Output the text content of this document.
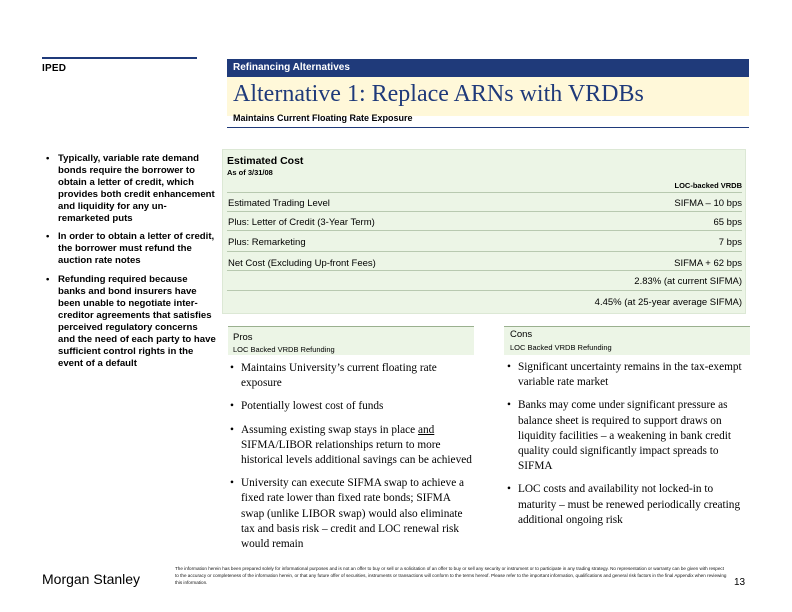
IPED	Refinancing Alternatives
Alternative 1: Replace ARNs with VRDBs
Maintains Current Floating Rate Exposure
• Typically, variable rate demand bonds require the borrower to obtain a letter of credit, which provides both credit enhancement and liquidity for any un-remarketed puts
• In order to obtain a letter of credit, the borrower must refund the auction rate notes
• Refunding required because banks and bond insurers have been unable to negotiate inter-creditor agreements that satisfies perceived regulatory concerns and the need of each party to have sufficient control rights in the event of a default
Estimated Cost
As of 3/31/08
LOC-backed VRDB
Estimated Trading Level	SIFMA – 10 bps
Plus: Letter of Credit (3-Year Term)	65 bps
Plus: Remarketing	7 bps
Net Cost (Excluding Up-front Fees)	SIFMA + 62 bps
2.83% (at current SIFMA)
4.45% (at 25-year average SIFMA)
Pros
LOC Backed VRDB Refunding
Cons
LOC Backed VRDB Refunding
• Maintains University’s current floating rate exposure
• Potentially lowest cost of funds
• Assuming existing swap stays in place and SIFMA/LIBOR relationships return to more historical levels additional savings can be achieved
• University can execute SIFMA swap to achieve a fixed rate lower than fixed rate bonds; SIFMA swap (unlike LIBOR swap) would also eliminate tax and basis risk – credit and LOC renewal risk would remain
• Significant uncertainty remains in the tax-exempt variable rate market
• Banks may come under significant pressure as balance sheet is required to support draws on liquidity facilities – a weakening in bank credit quality could significantly impact spreads to SIFMA
• LOC costs and availability not locked-in to maturity – must be renewed periodically creating additional ongoing risk
Morgan Stanley
The information herein has been prepared solely for informational purposes and is not an offer to buy or sell or a solicitation of an offer to buy or sell any security or instrument or to participate in any trading strategy. No representation or warranty can be given with respect to the accuracy or completeness of the information herein, or that any future offer of securities, instruments or transactions will conform to the terms hereof. Please refer to the important information, qualifications and general risk factors in the final Appendix when reviewing this information.	13
